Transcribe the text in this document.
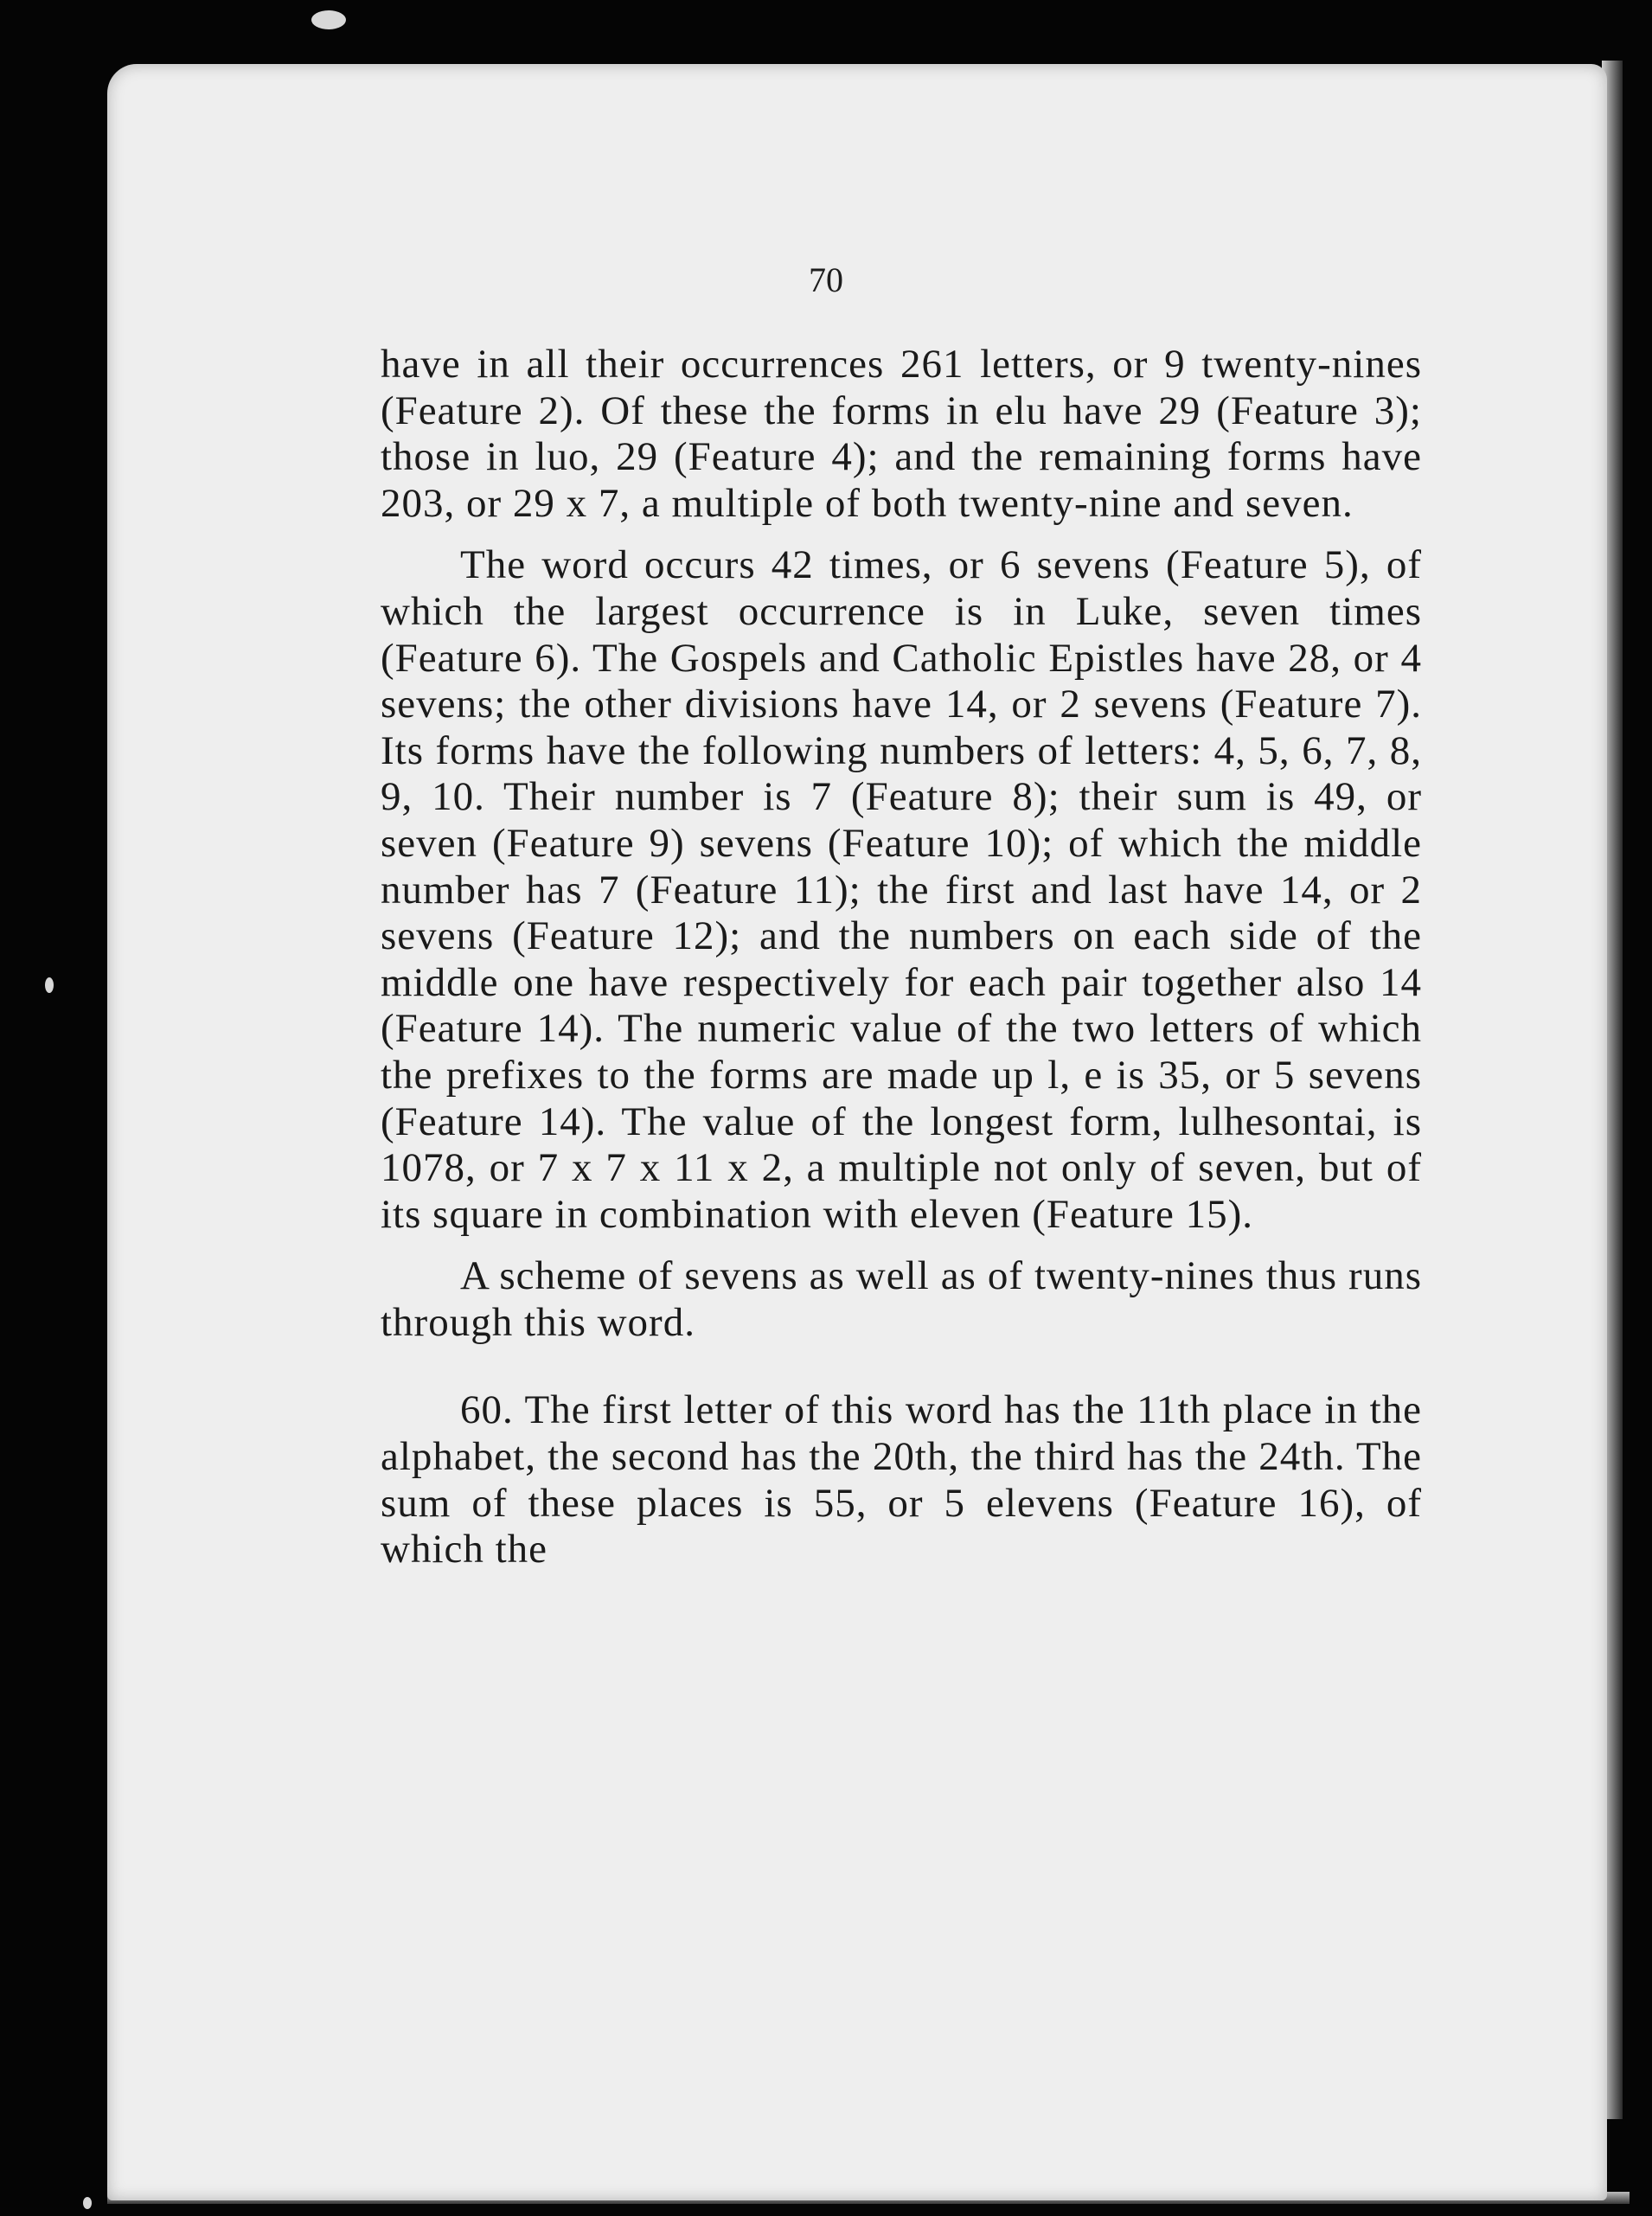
70

have in all their occurrences 261 letters, or 9 twenty-nines (Feature 2). Of these the forms in elu have 29 (Feature 3); those in luo, 29 (Feature 4); and the remaining forms have 203, or 29 x 7, a multiple of both twenty-nine and seven.

The word occurs 42 times, or 6 sevens (Feature 5), of which the largest occurrence is in Luke, seven times (Feature 6). The Gospels and Catholic Epistles have 28, or 4 sevens; the other divisions have 14, or 2 sevens (Feature 7). Its forms have the following numbers of letters: 4, 5, 6, 7, 8, 9, 10. Their number is 7 (Feature 8); their sum is 49, or seven (Feature 9) sevens (Feature 10); of which the middle number has 7 (Feature 11); the first and last have 14, or 2 sevens (Feature 12); and the numbers on each side of the middle one have respectively for each pair together also 14 (Feature 14). The numeric value of the two letters of which the prefixes to the forms are made up l, e is 35, or 5 sevens (Feature 14). The value of the longest form, lulhesontai, is 1078, or 7 x 7 x 11 x 2, a multiple not only of seven, but of its square in combination with eleven (Feature 15).

A scheme of sevens as well as of twenty-nines thus runs through this word.

60. The first letter of this word has the 11th place in the alphabet, the second has the 20th, the third has the 24th. The sum of these places is 55, or 5 elevens (Feature 16), of which the
